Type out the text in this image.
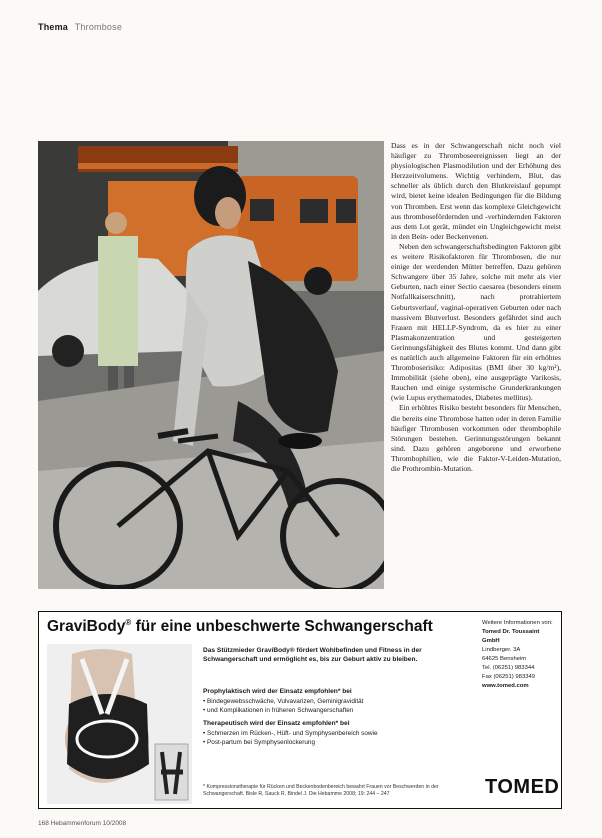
Thema Thrombose

Dass es in der Schwangerschaft nicht noch viel häufiger zu Thromboseereignissen liegt an der physiologischen Plasmodilution und der Erhöhung des Herzzeitvolumens. Wichtig verhindern, Blut, das schneller als üblich durch den Blutkreislauf gepumpt wird, bietet keine idealen Bedingungen für die Bildung von Thromben. Erst wenn das komplexe Gleichgewicht aus thrombosefördernden und -verhindernden Faktoren aus dem Lot gerät, mündet ein Ungleichgewicht meist in den Bein- oder Beckenvenen.

Neben den schwangerschaftsbedingten Faktoren gibt es weitere Risikofaktoren für Thrombosen, die nur einige der werdenden Mütter betreffen. Dazu gehören Schwangere über 35 Jahre, solche mit mehr als vier Geburten, nach einer Sectio caesarea (besonders einem Notfallkaiserschnitt), nach protrahiertem Geburtsverlauf, vaginal-operativen Geburten oder nach massivem Blutverlust. Besonders gefährdet sind auch Frauen mit HELLP-Syndrom, da es hier zu einer Plasmakonzentration und gesteigerten Gerinnungsfähigkeit des Blutes kommt. Und dann gibt es natürlich auch allgemeine Faktoren für ein erhöhtes Thromboserisiko: Adipositas (BMI über 30 kg/m²), Immobilität (siehe oben), eine ausgeprägte Varikosis, Rauchen und einige systemische Grunderkrankungen (wie Lupus erythematodes, Diabetes mellitus).

Ein erhöhtes Risiko besteht besonders für Menschen, die bereits eine Thrombose hatten oder in deren Familie häufiger Thrombosen vorkommen oder thrombophile Störungen bestehen. Gerinnungsstörungen bekannt sind. Dazu gehören angeborene und erworbene Thrombophilien, wie die Faktor-V-Leiden-Mutation, die Prothrombin-Mutation.

GraviBody® für eine unbeschwerte Schwangerschaft
Das Stützmieder GraviBody® fördert Wohlbefinden und Fitness in der Schwangerschaft und ermöglicht es, bis zur Geburt aktiv zu bleiben.
Prophylaktisch wird der Einsatz empfohlen* bei
• Bindegewebsschwäche, Vulvavarizen, Geminigravidität
• und Komplikationen in früheren Schwangerschaften
Therapeutisch wird der Einsatz empfohlen* bei
• Schmerzen im Rücken-, Hüft- und Symphysenbereich sowie
• Post-partum bei Symphysenlockerung
* Kompressionstherapie für Rücken und Beckenbodenbereich bewahrt Frauen vor Beschwerden in der Schwangerschaft. Bisle R, Sauck R, Bindel J. Die Hebamme 2008; 19: 244 – 247
Weitere Informationen von:
Tomed Dr. Toussaint GmbH
Lindberger. 3A
64625 Bensheim
Tel. (06251) 983344
Fax (06251) 983349
www.tomed.com
TOMED
168 Hebammenforum 10/2008
